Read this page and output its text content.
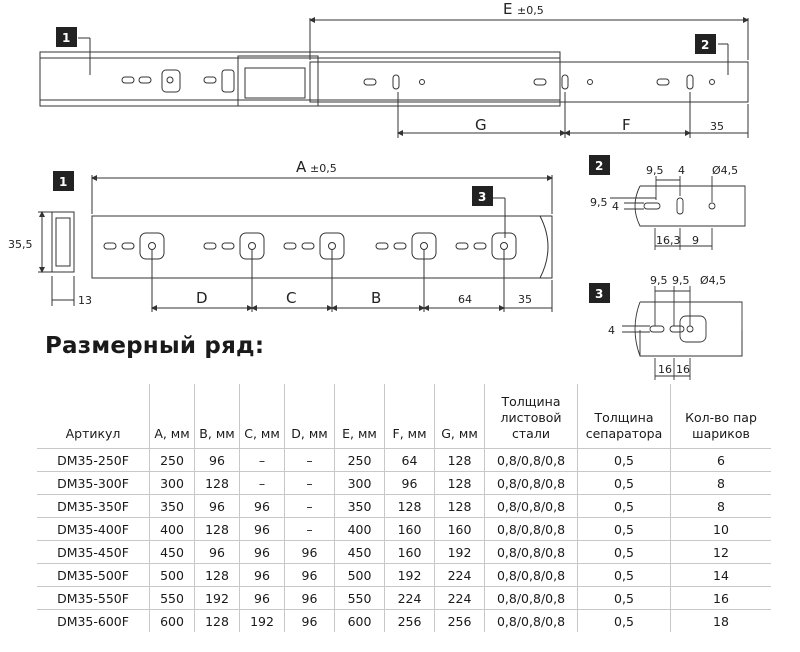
E ±0,5
G	F	35
1	2
A ±0,5
D	C	B	64	35
13
35,5
1
3
9,5 4 Ø4,5
9,5 4
16,3 9
2
9,5 9,5 Ø4,5
4
16 16
3
Размерный ряд:
Артикул	A, мм	B, мм	C, мм	D, мм	E, мм	F, мм	G, мм	Толщина
листовой
стали	Толщина
сепаратора	Кол-во пар
шариков
DM35-250F	250	96	–	–	250	64	128	0,8/0,8/0,8	0,5	6
DM35-300F	300	128	–	–	300	96	128	0,8/0,8/0,8	0,5	8
DM35-350F	350	96	96	–	350	128	128	0,8/0,8/0,8	0,5	8
DM35-400F	400	128	96	–	400	160	160	0,8/0,8/0,8	0,5	10
DM35-450F	450	96	96	96	450	160	192	0,8/0,8/0,8	0,5	12
DM35-500F	500	128	96	96	500	192	224	0,8/0,8/0,8	0,5	14
DM35-550F	550	192	96	96	550	224	224	0,8/0,8/0,8	0,5	16
DM35-600F	600	128	192	96	600	256	256	0,8/0,8/0,8	0,5	18
